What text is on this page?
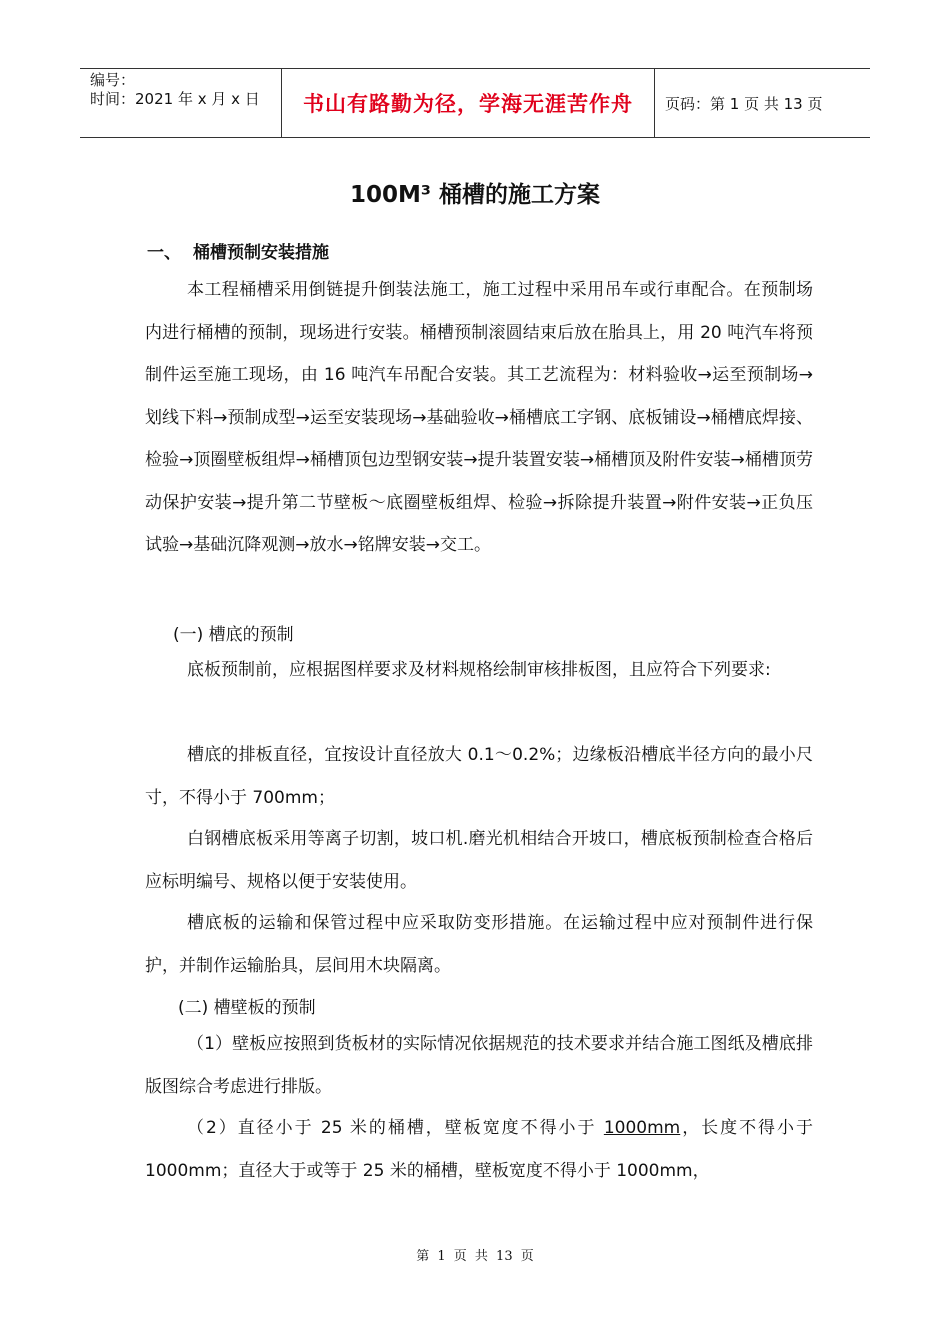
编号：
时间：2021 年 x 月 x 日	书山有路勤为径，学海无涯苦作舟	页码：第 1 页 共 13 页
100M³ 桶槽的施工方案
一、 桶槽预制安装措施

本工程桶槽采用倒链提升倒装法施工，施工过程中采用吊车或行車配合。在预制场内进行桶槽的预制，现场进行安装。桶槽预制滚圆结束后放在胎具上，用 20 吨汽车将预制件运至施工现场，由 16 吨汽车吊配合安装。其工艺流程为：材料验收→运至预制场→划线下料→预制成型→运至安装现场→基础验收→桶槽底工字钢、底板铺设→桶槽底焊接、检验→顶圈壁板组焊→桶槽顶包边型钢安装→提升装置安装→桶槽顶及附件安装→桶槽顶劳动保护安装→提升第二节壁板～底圈壁板组焊、检验→拆除提升装置→附件安装→正负压试验→基础沉降观测→放水→铭牌安装→交工。

(一) 槽底的预制

底板预制前，应根据图样要求及材料规格绘制审核排板图，且应符合下列要求:

槽底的排板直径，宜按设计直径放大 0.1～0.2%；边缘板沿槽底半径方向的最小尺寸，不得小于 700mm；

白钢槽底板采用等离子切割，坡口机.磨光机相结合开坡口，槽底板预制检查合格后应标明编号、规格以便于安装使用。

槽底板的运输和保管过程中应采取防变形措施。在运输过程中应对预制件进行保护，并制作运输胎具，层间用木块隔离。

(二) 槽壁板的预制

（1）壁板应按照到货板材的实际情况依据规范的技术要求并结合施工图纸及槽底排版图综合考虑进行排版。

（2）直径小于 25 米的桶槽，壁板宽度不得小于 1000mm，长度不得小于 1000mm；直径大于或等于 25 米的桶槽，壁板宽度不得小于 1000mm，

第 1 页 共 13 页
